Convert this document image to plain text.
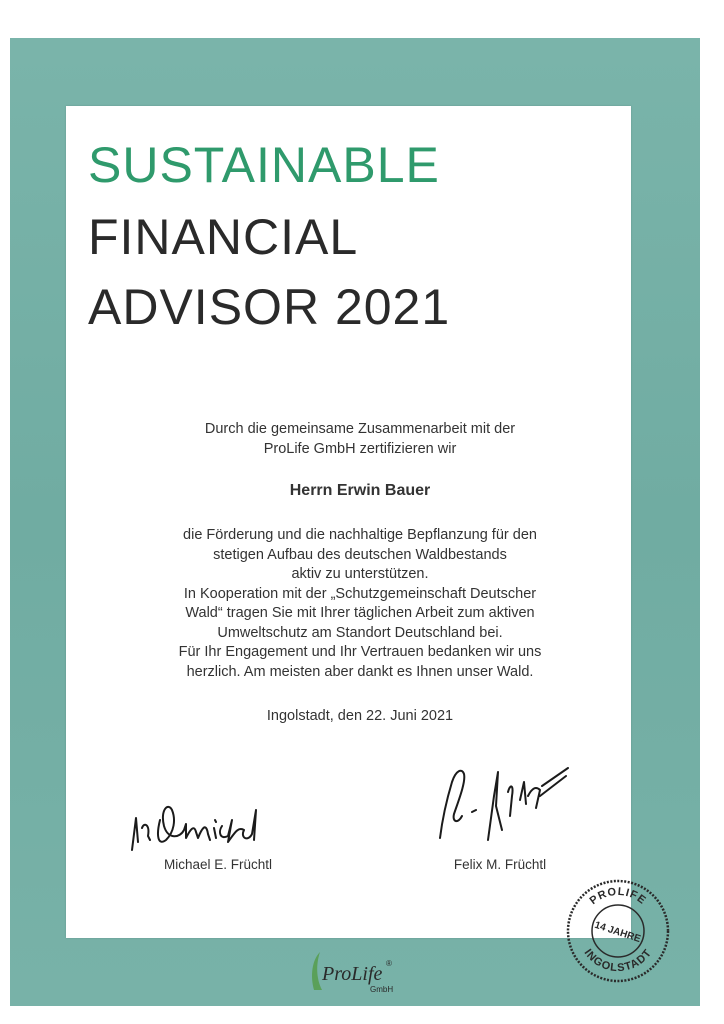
SUSTAINABLE
FINANCIAL
ADVISOR 2021
Durch die gemeinsame Zusammenarbeit mit der
ProLife GmbH zertifizieren wir
Herrn Erwin Bauer
die Förderung und die nachhaltige Bepflanzung für den
stetigen Aufbau des deutschen Waldbestands
aktiv zu unterstützen.
In Kooperation mit der „Schutzgemeinschaft Deutscher
Wald“ tragen Sie mit Ihrer täglichen Arbeit zum aktiven
Umweltschutz am Standort Deutschland bei.
Für Ihr Engagement und Ihr Vertrauen bedanken wir uns
herzlich. Am meisten aber dankt es Ihnen unser Wald.
Ingolstadt, den 22. Juni 2021
Michael E. Früchtl	Felix M. Früchtl
PROLIFE
INGOLSTADT
14 JAHRE
ProLife ®
GmbH
